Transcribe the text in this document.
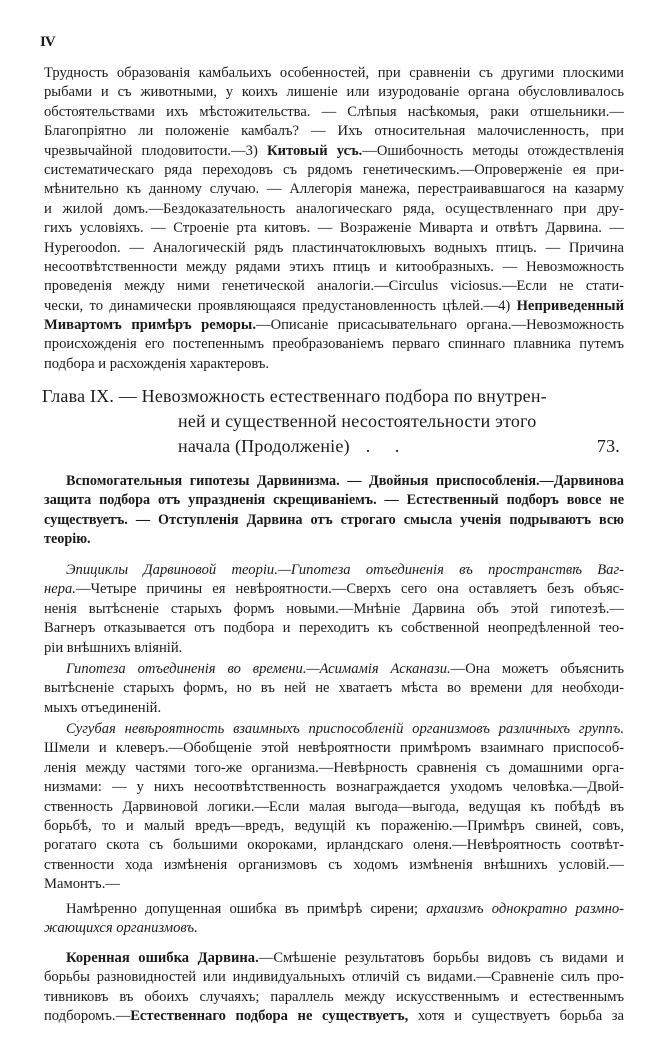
IV
Трудность образованія камбальихъ особенностей, при сравненіи съ другими плоскими
рыбами и съ животными, у коихъ лишеніе или изуродованіе органа обусловливалось
обстоятельствами ихъ мѣстожительства. — Слѣпыя насѣкомыя, раки отшельники.—
Благопріятно ли положеніе камбалъ? — Ихъ относительная малочисленность, при
чрезвычайной плодовитости.—3) Китовый усъ.—Ошибочность методы отождествленія
систематическаго ряда переходовъ съ рядомъ генетическимъ.—Опроверженіе ея при-
мѣнительно къ данному случаю. — Аллегорія манежа, перестраивавшагося на казарму
и жилой домъ.—Бездоказательность аналогическаго ряда, осуществленнаго при дру-
гихъ условіяхъ. — Строеніе рта китовъ. — Возраженіе Миварта и отвѣтъ Дарвина. —
Hyperoodon. — Аналогическій рядъ пластинчатоклювыхъ водныхъ птицъ. — Причина
несоотвѣтственности между рядами этихъ птицъ и китообразныхъ. — Невозможность
проведенія между ними генетической аналогіи.—Circulus viciosus.—Если не стати-
чески, то динамически проявляющаяся предустановленность цѣлей.—4) Неприведенный
Мивартомъ примѣръ реморы.—Описаніе присасывательнаго органа.—Невозможность
происхожденія его постепеннымъ преобразованіемъ перваго спиннаго плавника путемъ
подбора и расхожденія характеровъ.
Глава IX. — Невозможность естественнаго подбора по внутрен-
ней и существенной несостоятельности этого
начала (Продолженіе) . .	73.
Вспомогательныя гипотезы Дарвинизма. — Двойныя приспособленія.—Дарвинова
защита подбора отъ упраздненія скрещиваніемъ. — Естественный подборъ вовсе не
существуетъ. — Отступленія Дарвина отъ строгаго смысла ученія подрываютъ всю
теорію.
Эпициклы Дарвиновой теоріи.—Гипотеза отъединенія въ пространствѣ Ваг-
нера.—Четыре причины ея невѣроятности.—Сверхъ сего она оставляетъ безъ объяс-
ненія вытѣсненіе старыхъ формъ новыми.—Мнѣніе Дарвина объ этой гипотезѣ.—
Вагнеръ отказывается отъ подбора и переходитъ къ собственной неопредѣленной тео-
ріи внѣшнихъ вліяній.
Гипотеза отъединенія во времени.—Асимамія Асканази.—Она можетъ объяснить
вытѣсненіе старыхъ формъ, но въ ней не хватаетъ мѣста во времени для необходи-
мыхъ отъединеній.
Сугубая невѣроятность взаимныхъ приспособленій организмовъ различныхъ группъ.
Шмели и клеверъ.—Обобщеніе этой невѣроятности примѣромъ взаимнаго приспособ-
ленія между частями того-же организма.—Невѣрность сравненія съ домашними орга-
низмами: — у нихъ несоотвѣтственность вознаграждается уходомъ человѣка.—Двой-
ственность Дарвиновой логики.—Если малая выгода—выгода, ведущая къ побѣдѣ въ
борьбѣ, то и малый вредъ—вредъ, ведущій къ пораженію.—Примѣръ свиней, совъ,
рогатаго скота съ большими окороками, ирландскаго оленя.—Невѣроятность соотвѣт-
ственности хода измѣненія организмовъ съ ходомъ измѣненія внѣшнихъ условій.—
Мамонтъ.—
Намѣренно допущенная ошибка въ примѣрѣ сирени; архаизмъ однократно размно-
жающихся организмовъ.
Коренная ошибка Дарвина.—Смѣшеніе результатовъ борьбы видовъ съ видами и
борьбы разновидностей или индивидуальныхъ отличій съ видами.—Сравненіе силъ про-
тивниковъ въ обоихъ случаяхъ; параллель между искусственнымъ и естественнымъ
подборомъ.—Естественнаго подбора не существуетъ, хотя и существуетъ борьба за
